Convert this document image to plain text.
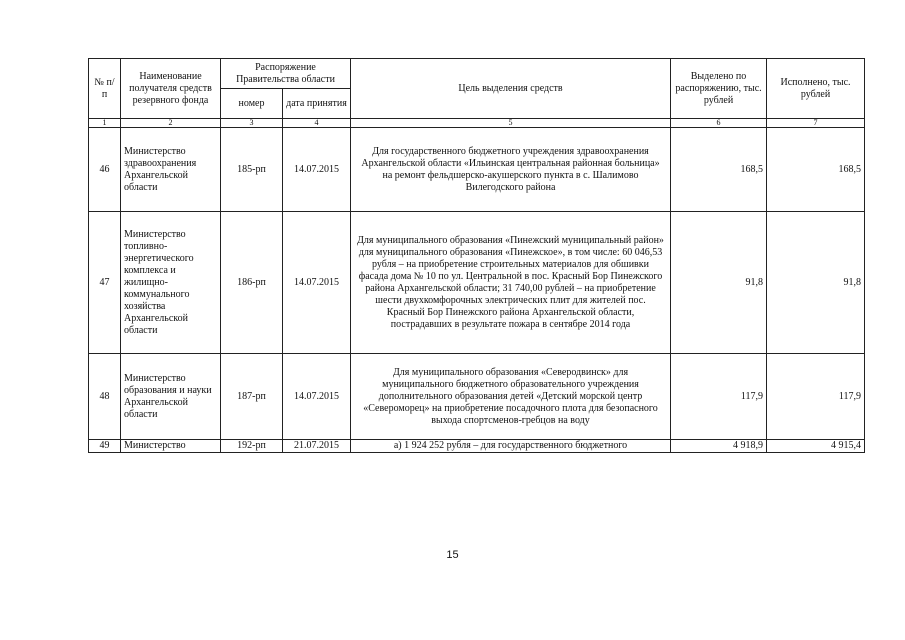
№ п/п	Наименование получателя средств резервного фонда	Распоряжение Правительства области		Цель выделения средств	Выделено по распоряжению, тыс. рублей	Исполнено, тыс. рублей
		номер	дата принятия			
1	2	3	4	5	6	7
46	Министерство здравоохранения Архангельской области	185-рп	14.07.2015	Для государственного бюджетного учреждения здравоохранения Архангельской области «Ильинская центральная районная больница» на ремонт фельдшерско-акушерского пункта в с. Шалимово Вилегодского района	168,5	168,5
47	Министерство топливно-энергетического комплекса и жилищно-коммунального хозяйства Архангельской области	186-рп	14.07.2015	Для муниципального образования «Пинежский муниципальный район» для муниципального образования «Пинежское», в том числе: 60 046,53 рубля – на приобретение строительных материалов для обшивки фасада дома № 10 по ул. Центральной в пос. Красный Бор Пинежского района Архангельской области; 31 740,00 рублей – на приобретение шести двухкомфорочных электрических плит для жителей пос. Красный Бор Пинежского района Архангельской области, пострадавших в результате пожара в сентябре 2014 года	91,8	91,8
48	Министерство образования и науки Архангельской области	187-рп	14.07.2015	Для муниципального образования «Северодвинск» для муниципального бюджетного образовательного учреждения дополнительного образования детей «Детский морской центр «Североморец» на приобретение посадочного плота для безопасного выхода спортсменов-гребцов на воду	117,9	117,9
49	Министерство	192-рп	21.07.2015	а) 1 924 252 рубля – для государственного бюджетного	4 918,9	4 915,4
15
